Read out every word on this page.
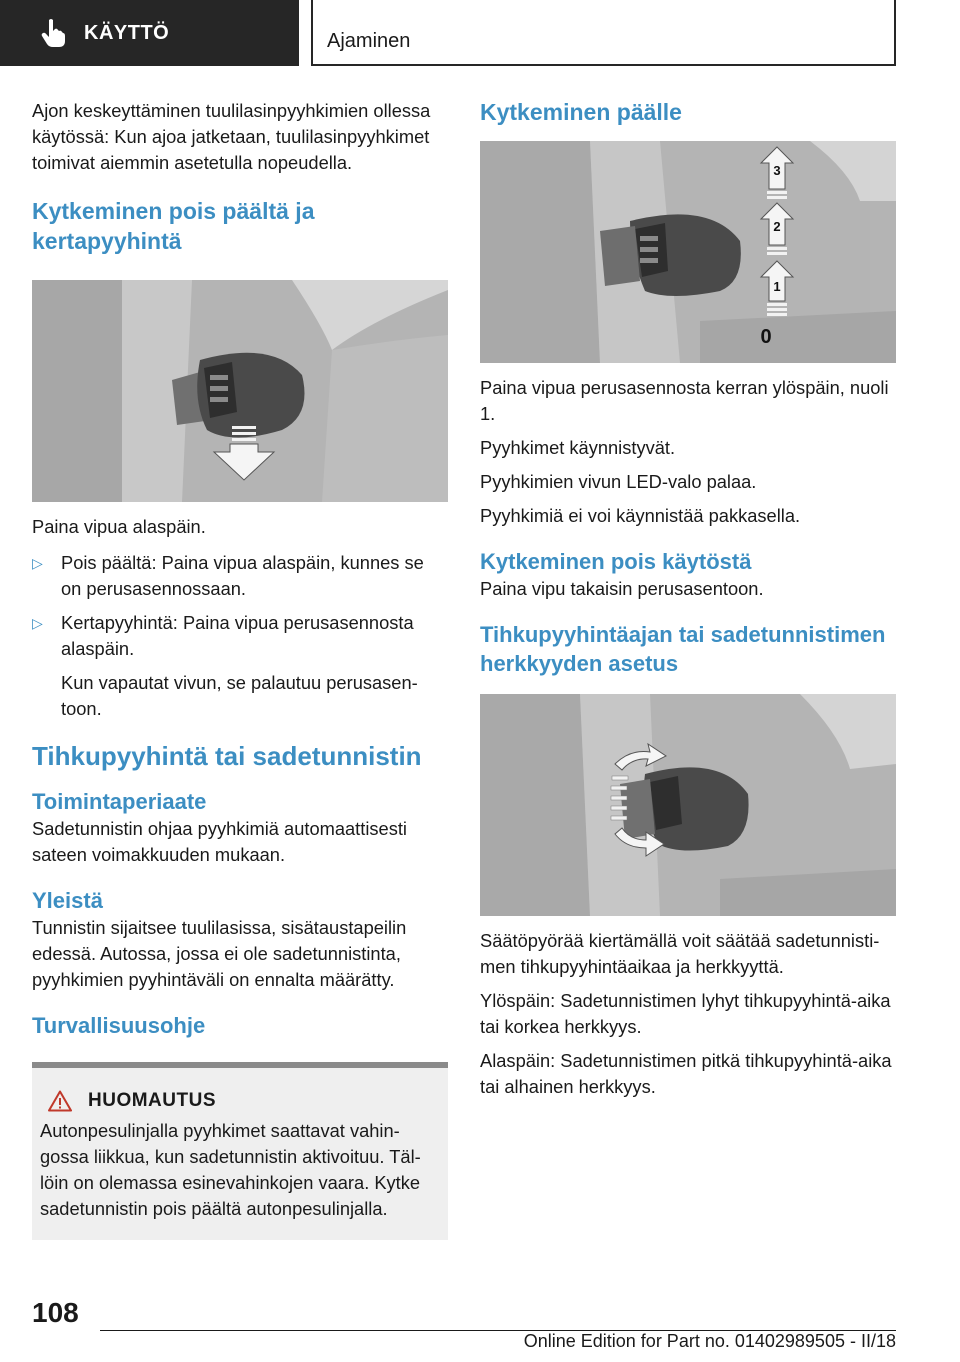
KÄYTTÖ	Ajaminen

Ajon keskeyttäminen tuulilasinpyyhkimien ollessa käytössä: Kun ajoa jatketaan, tuulilasinpyyhkimet toimivat aiemmin asetetulla nopeudella.

Kytkeminen pois päältä ja kertapyyhintä

Paina vipua alaspäin.

▷ Pois päältä: Paina vipua alaspäin, kunnes se on perusasennossaan.
▷ Kertapyyhintä: Paina vipua perusasennosta alaspäin.
Kun vapautat vivun, se palautuu perusasen-toon.
Tihkupyyhintä tai sadetunnistin
Toimintaperiaate

Sadetunnistin ohjaa pyyhkimiä automaattisesti sateen voimakkuuden mukaan.

Yleistä

Tunnistin sijaitsee tuulilasissa, sisätaustapeilin edessä. Autossa, jossa ei ole sadetunnistinta, pyyhkimien pyyhintäväli on ennalta määrätty.

Turvallisuusohje
HUOMAUTUS

Autonpesulinjalla pyyhkimet saattavat vahin-gossa liikkua, kun sadetunnistin aktivoituu. Täl-löin on olemassa esinevahinkojen vaara. Kytke sadetunnistin pois päältä autonpesulinjalla.

Kytkeminen päälle
3
2
1
0

Paina vipua perusasennosta kerran ylöspäin, nuoli 1.

Pyyhkimet käynnistyvät.

Pyyhkimien vivun LED-valo palaa.

Pyyhkimiä ei voi käynnistää pakkasella.

Kytkeminen pois käytöstä

Paina vipu takaisin perusasentoon.

Tihkupyyhintäajan tai sadetunnistimen herkkyyden asetus

Säätöpyörää kiertämällä voit säätää sadetunnisti-men tihkupyyhintäaikaa ja herkkyyttä.

Ylöspäin: Sadetunnistimen lyhyt tihkupyyhintä-aika tai korkea herkkyys.

Alaspäin: Sadetunnistimen pitkä tihkupyyhintä-aika tai alhainen herkkyys.

108
Online Edition for Part no. 01402989505 - II/18
